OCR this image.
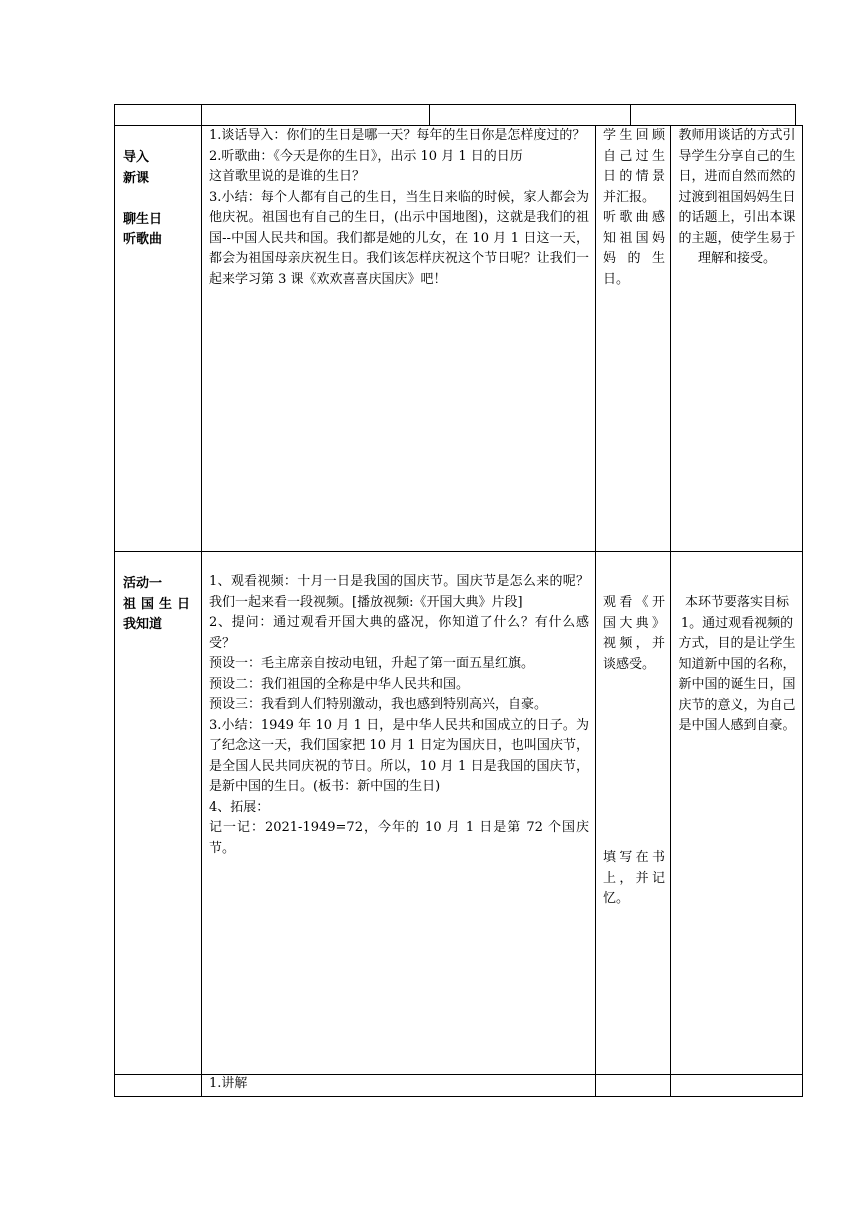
导入
新课

聊生日
听歌曲
1.谈话导入：你们的生日是哪一天？每年的生日你是怎样度过的？
2.听歌曲：《今天是你的生日》，出示 10 月 1 日的日历
这首歌里说的是谁的生日？
3.小结：每个人都有自己的生日，当生日来临的时候，家人都会为他庆祝。祖国也有自己的生日，(出示中国地图)，这就是我们的祖国--中国人民共和国。我们都是她的儿女，在 10 月 1 日这一天，都会为祖国母亲庆祝生日。我们该怎样庆祝这个节日呢？让我们一起来学习第 3 课《欢欢喜喜庆国庆》吧！
学生回顾自己过生日的情景并汇报。
听歌曲感知祖国妈妈的生日。
教师用谈话的方式引导学生分享自己的生日，进而自然而然的过渡到祖国妈妈生日的话题上，引出本课的主题，使学生易于理解和接受。
活动一
祖国生日
我知道
1、观看视频：十月一日是我国的国庆节。国庆节是怎么来的呢？我们一起来看一段视频。[播放视频:《开国大典》片段]
2、提问：通过观看开国大典的盛况，你知道了什么？有什么感受？
预设一：毛主席亲自按动电钮，升起了第一面五星红旗。
预设二：我们祖国的全称是中华人民共和国。
预设三：我看到人们特别激动，我也感到特别高兴，自豪。
3.小结：1949 年 10 月 1 日，是中华人民共和国成立的日子。为了纪念这一天，我们国家把 10 月 1 日定为国庆日，也叫国庆节，是全国人民共同庆祝的节日。所以，10 月 1 日是我国的国庆节，是新中国的生日。(板书：新中国的生日)
4、拓展：
记一记：2021-1949=72，今年的 10 月 1 日是第 72 个国庆节。
观看《开国大典》视频，并谈感受。
填写在书上，并记忆。
本环节要落实目标 1。通过观看视频的方式，目的是让学生知道新中国的名称，新中国的诞生日，国庆节的意义，为自己是中国人感到自豪。
1.讲解
